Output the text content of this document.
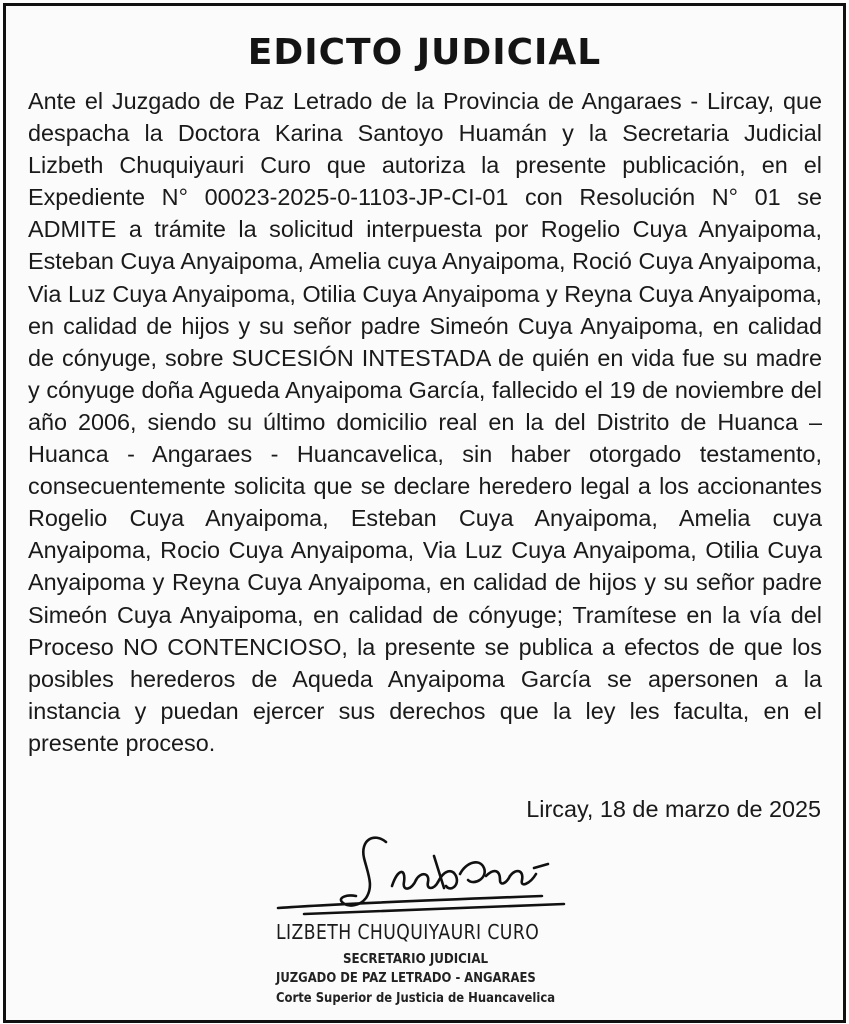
EDICTO JUDICIAL
Ante el Juzgado de Paz Letrado de la Provincia de Angaraes - Lircay, que despacha la Doctora Karina Santoyo Huamán y la Secretaria Judicial Lizbeth Chuquiyauri Curo que autoriza la presente publicación, en el Expediente N° 00023-2025-0-1103-JP-CI-01 con Resolución N° 01 se ADMITE a trámite la solicitud interpuesta por Rogelio Cuya Anyaipoma, Esteban Cuya Anyaipoma, Amelia cuya Anyaipoma, Roció Cuya Anyaipoma, Via Luz Cuya Anyaipoma, Otilia Cuya Anyaipoma y Reyna Cuya Anyaipoma, en calidad de hijos y su señor padre Simeón Cuya Anyaipoma, en calidad de cónyuge, sobre SUCESIÓN INTESTADA de quién en vida fue su madre y cónyuge doña Agueda Anyaipoma García, fallecido el 19 de noviembre del año 2006, siendo su último domicilio real en la del Distrito de Huanca – Huanca - Angaraes - Huancavelica, sin haber otorgado testamento, consecuentemente solicita que se declare heredero legal a los accionantes Rogelio Cuya Anyaipoma, Esteban Cuya Anyaipoma, Amelia cuya Anyaipoma, Rocio Cuya Anyaipoma, Via Luz Cuya Anyaipoma, Otilia Cuya Anyaipoma y Reyna Cuya Anyaipoma, en calidad de hijos y su señor padre Simeón Cuya Anyaipoma, en calidad de cónyuge; Tramítese en la vía del Proceso NO CONTENCIOSO, la presente se publica a efectos de que los posibles herederos de Aqueda Anyaipoma García se apersonen a la instancia y puedan ejercer sus derechos que la ley les faculta, en el presente proceso.
Lircay, 18 de marzo de 2025
LIZBETH CHUQUIYAURI CURO
SECRETARIO JUDICIAL
JUZGADO DE PAZ LETRADO - ANGARAES
Corte Superior de Justicia de Huancavelica
